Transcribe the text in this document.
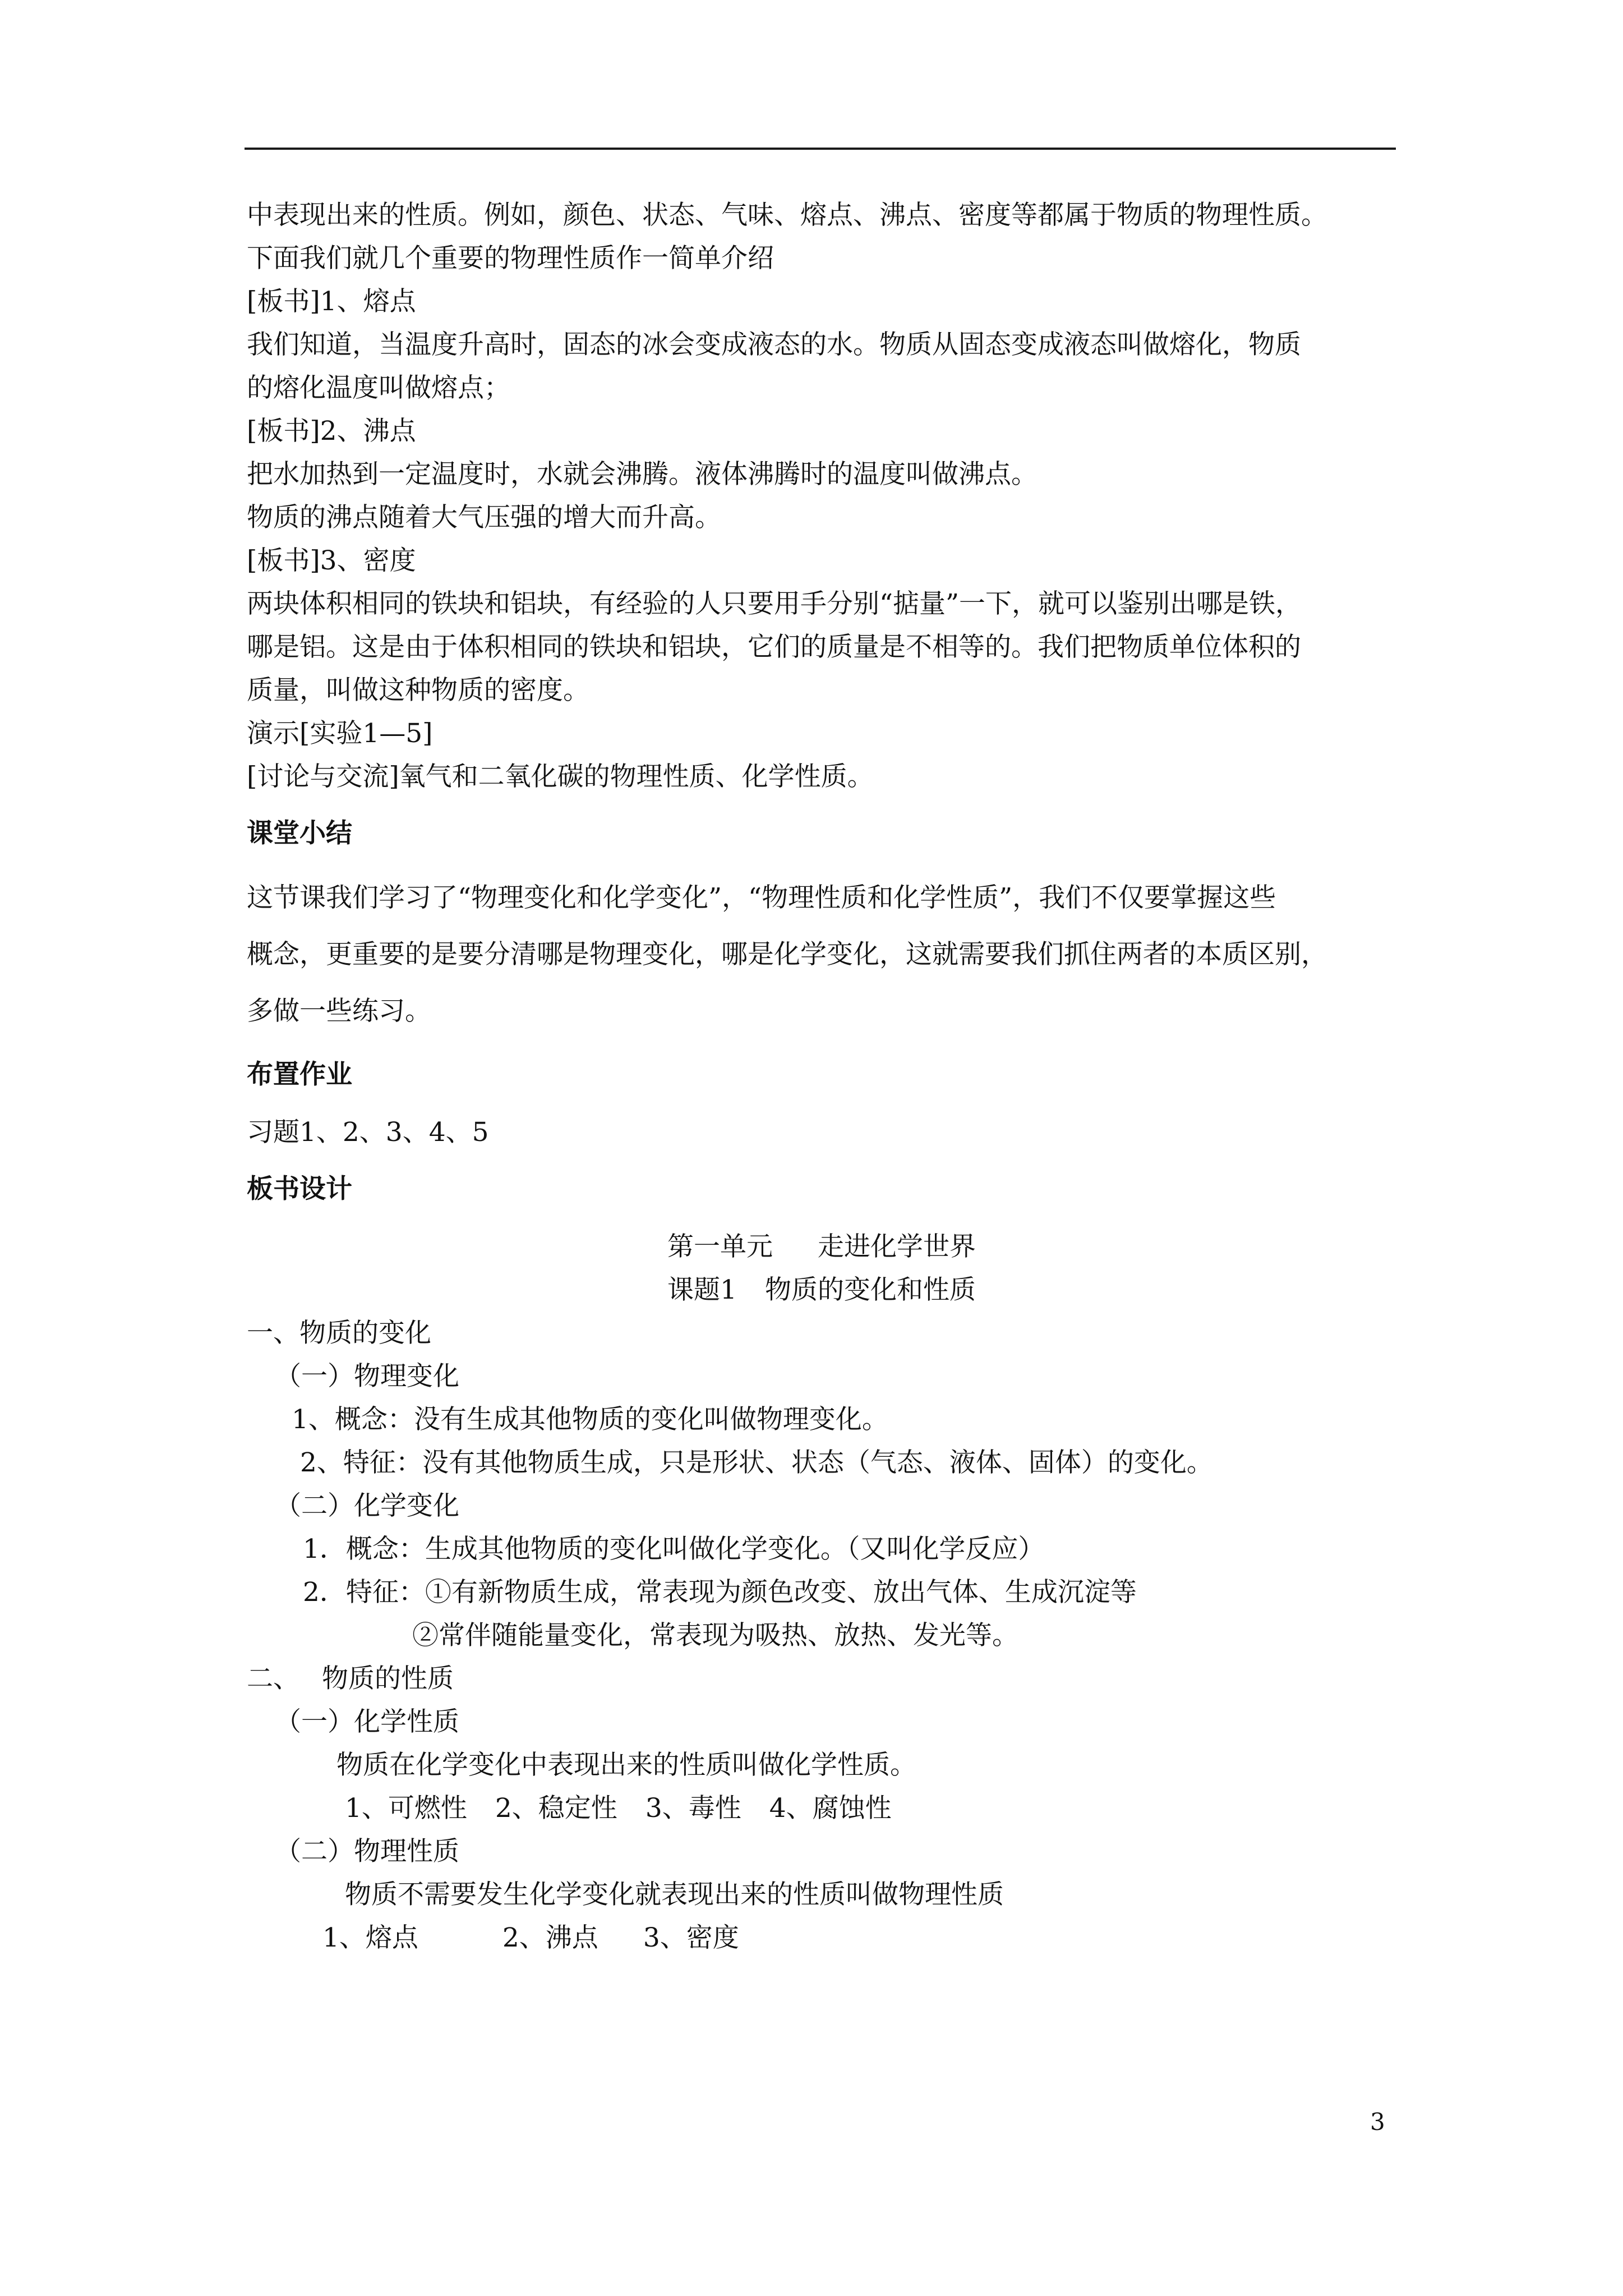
中表现出来的性质。例如，颜色、状态、气味、熔点、沸点、密度等都属于物质的物理性质。

下面我们就几个重要的物理性质作一简单介绍

[板书]1、熔点

我们知道，当温度升高时，固态的冰会变成液态的水。物质从固态变成液态叫做熔化，物质

的熔化温度叫做熔点；

[板书]2、沸点

把水加热到一定温度时，水就会沸腾。液体沸腾时的温度叫做沸点。

物质的沸点随着大气压强的增大而升高。

[板书]3、密度

两块体积相同的铁块和铝块，有经验的人只要用手分别“掂量”一下，就可以鉴别出哪是铁，

哪是铝。这是由于体积相同的铁块和铝块，它们的质量是不相等的。我们把物质单位体积的

质量，叫做这种物质的密度。

演示[实验1—5]

[讨论与交流]氧气和二氧化碳的物理性质、化学性质。

课堂小结

这节课我们学习了“物理变化和化学变化”，“物理性质和化学性质”，我们不仅要掌握这些

概念，更重要的是要分清哪是物理变化，哪是化学变化，这就需要我们抓住两者的本质区别，

多做一些练习。

布置作业

习题1、2、3、4、5

板书设计

第一单元 走进化学世界

课题1 物质的变化和性质

一、物质的变化

（一）物理变化

1、概念：没有生成其他物质的变化叫做物理变化。

2、特征：没有其他物质生成，只是形状、状态（气态、液体、固体）的变化。

（二）化学变化

1．概念：生成其他物质的变化叫做化学变化。（又叫化学反应）

2．特征：①有新物质生成，常表现为颜色改变、放出气体、生成沉淀等

②常伴随能量变化，常表现为吸热、放热、发光等。

二、 物质的性质

（一）化学性质

物质在化学变化中表现出来的性质叫做化学性质。

1、可燃性 2、稳定性 3、毒性 4、腐蚀性

（二）物理性质

物质不需要发生化学变化就表现出来的性质叫做物理性质

1、熔点	2、沸点 3、密度

3
